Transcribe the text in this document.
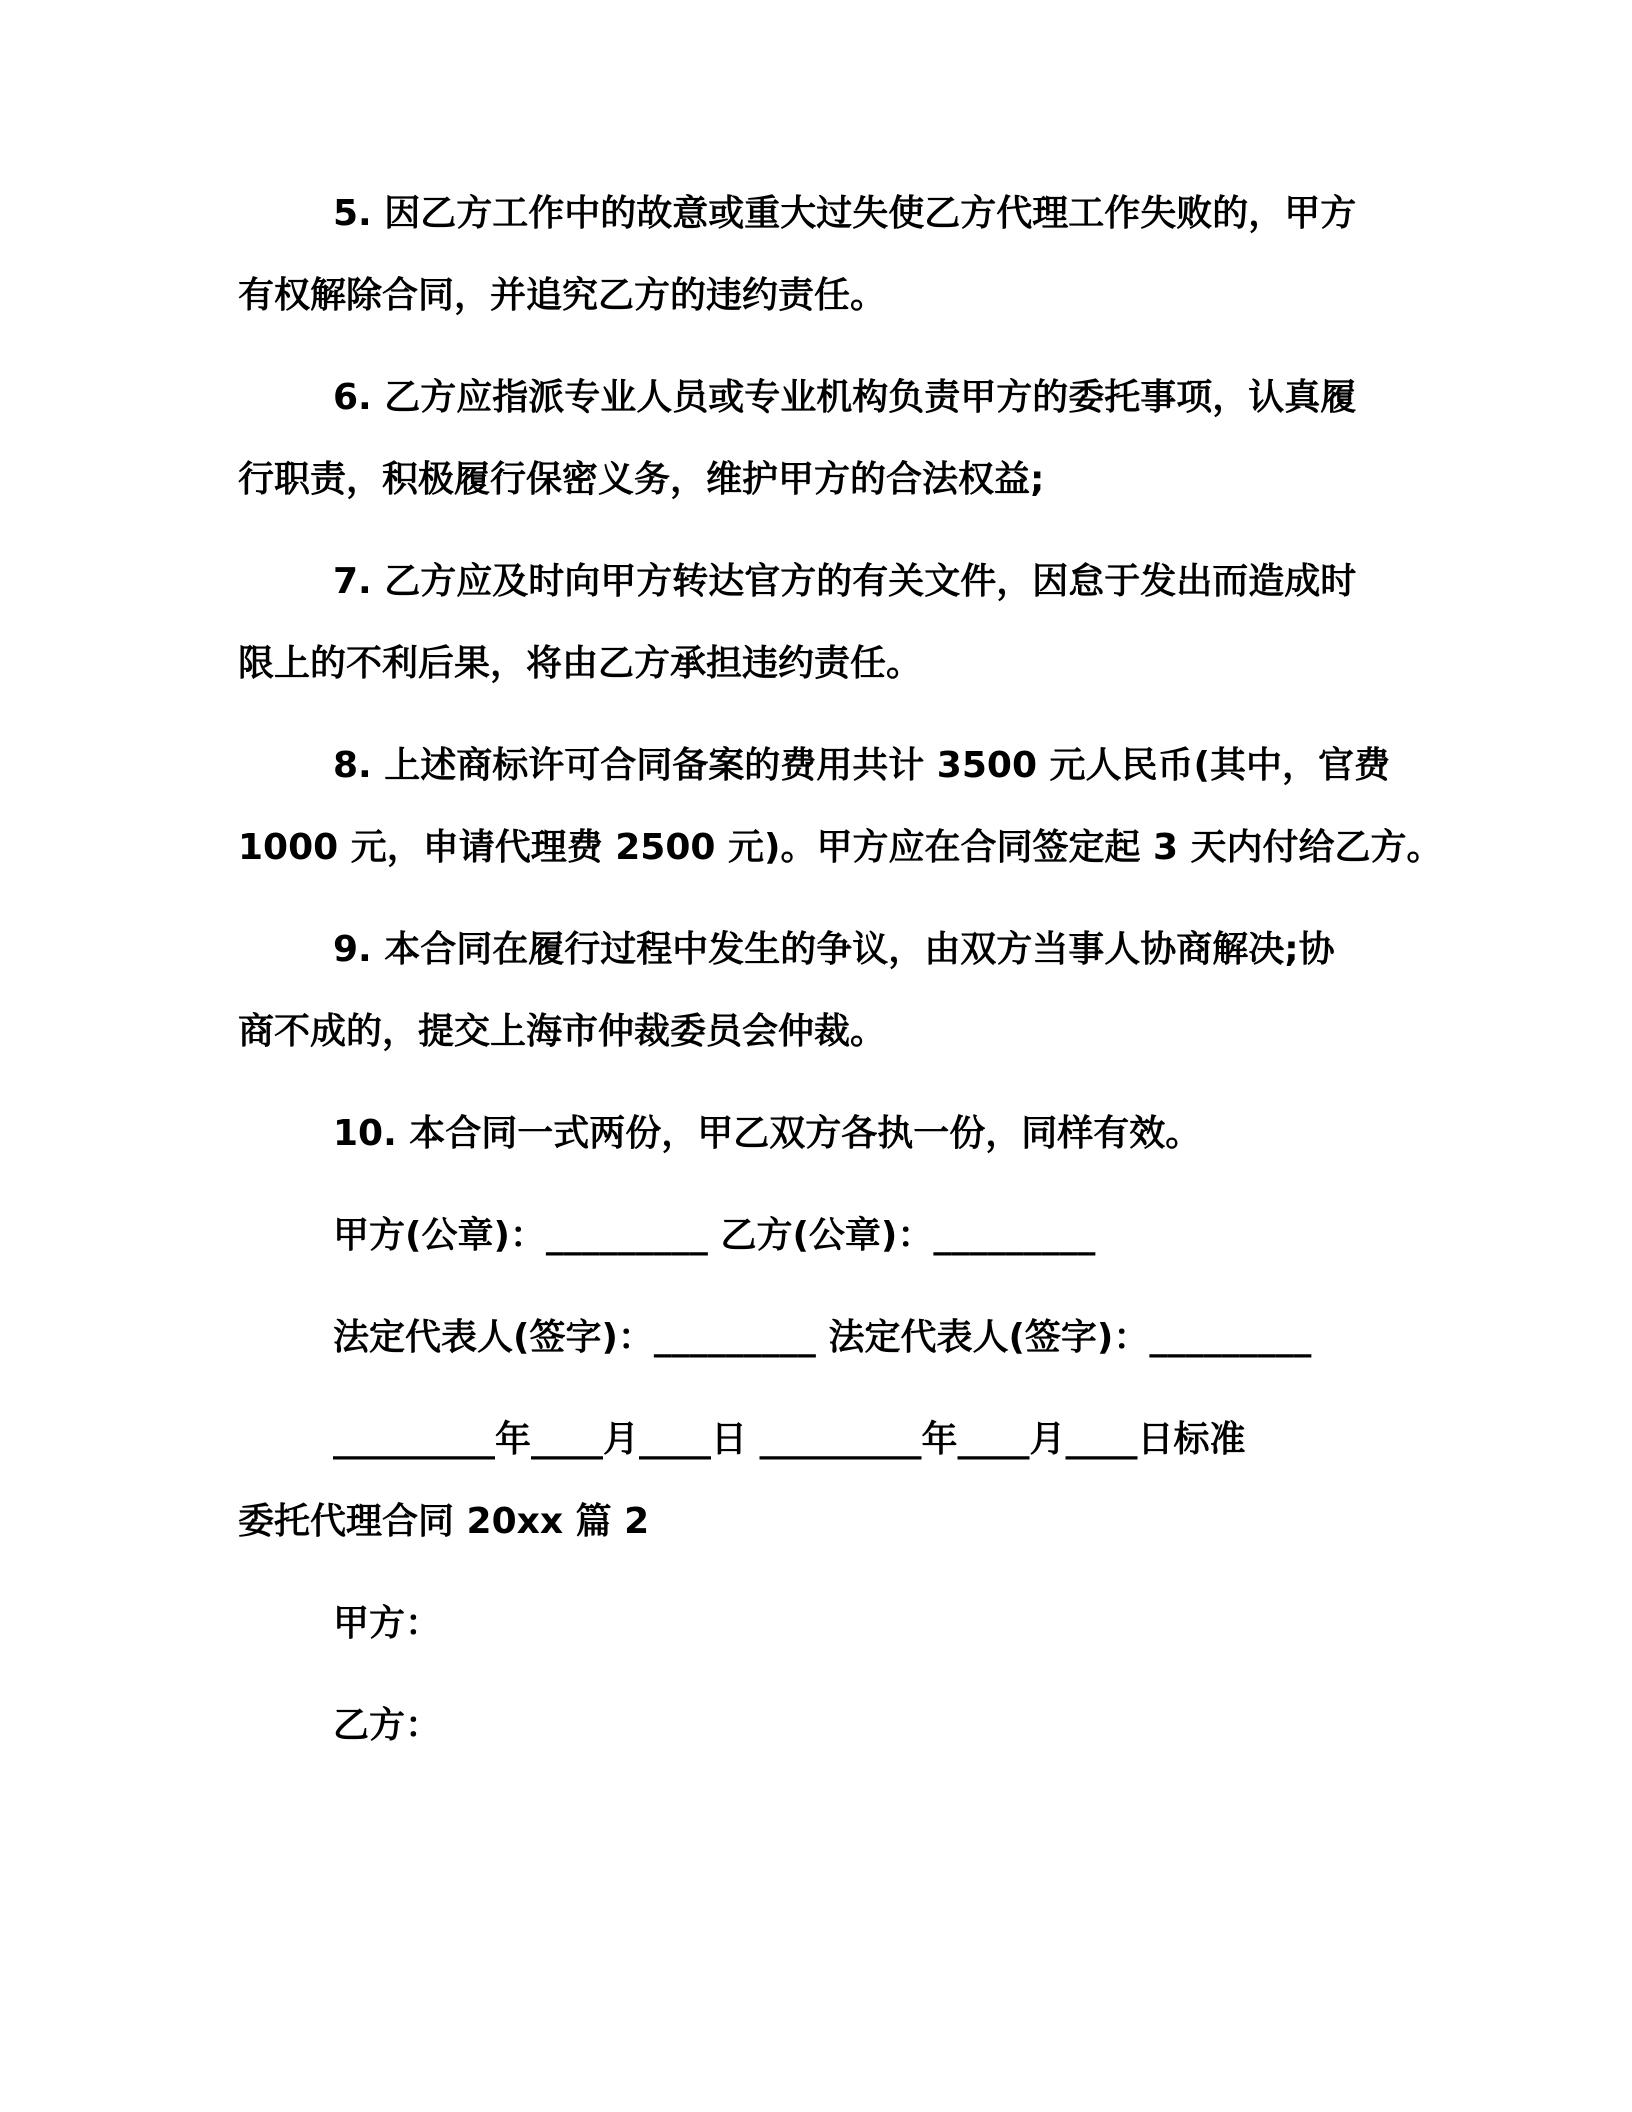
5. 因乙方工作中的故意或重大过失使乙方代理工作失败的，甲方

有权解除合同，并追究乙方的违约责任。

6. 乙方应指派专业人员或专业机构负责甲方的委托事项，认真履

行职责，积极履行保密义务，维护甲方的合法权益;

7. 乙方应及时向甲方转达官方的有关文件，因怠于发出而造成时

限上的不利后果，将由乙方承担违约责任。

8. 上述商标许可合同备案的费用共计 3500 元人民币(其中，官费

1000 元，申请代理费 2500 元)。甲方应在合同签定起 3 天内付给乙方。

9. 本合同在履行过程中发生的争议，由双方当事人协商解决;协

商不成的，提交上海市仲裁委员会仲裁。

10. 本合同一式两份，甲乙双方各执一份，同样有效。

甲方(公章)：_________ 乙方(公章)：_________

法定代表人(签字)：_________ 法定代表人(签字)：_________

_________年____月____日 _________年____月____日标准

委托代理合同 20xx 篇 2

甲方：

乙方：
